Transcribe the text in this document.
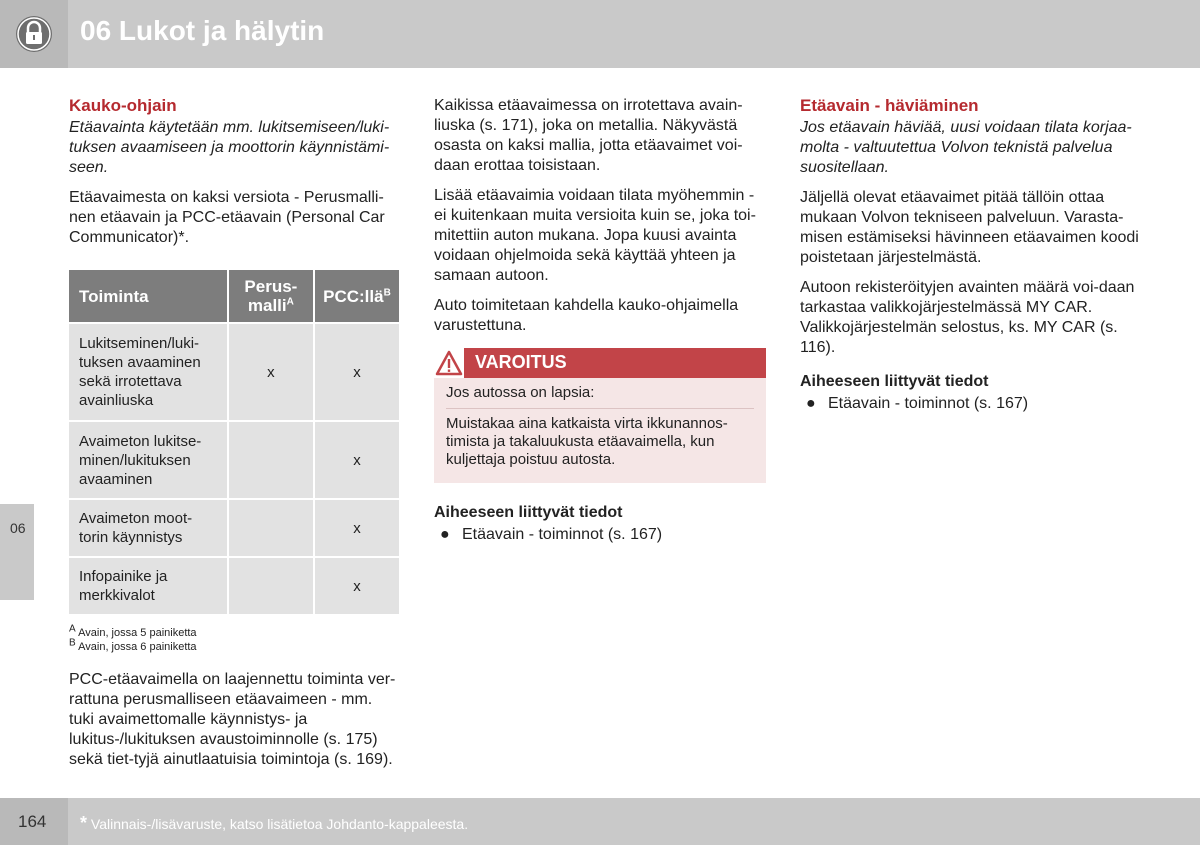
06 Lukot ja hälytin
06
Kauko-ohjain
Etäavainta käytetään mm. lukitsemiseen/luki-tuksen avaamiseen ja moottorin käynnistämi-seen.

Etäavaimesta on kaksi versiota - Perusmalli-nen etäavain ja PCC-etäavain (Personal Car Communicator)*.

Toiminta	Perus-malli$^A$	PCC:llä$^B$
Lukitseminen/luki-tuksen avaaminen sekä irrotettava avainliuska	x	x
Avaimeton lukitse-minen/lukituksen avaaminen		x
Avaimeton moot-torin käynnistys		x
Infopainike ja merkkivalot		x
$^A$ Avain, jossa 5 painiketta
$^B$ Avain, jossa 6 painiketta

PCC-etäavaimella on laajennettu toiminta ver-rattuna perusmalliseen etäavaimeen - mm. tuki avaimettomalle käynnistys- ja lukitus-/lukituksen avaustoiminnolle (s. 175) sekä tiet-tyjä ainutlaatuisia toimintoja (s. 169).

Kaikissa etäavaimessa on irrotettava avain-liuska (s. 171), joka on metallia. Näkyvästä osasta on kaksi mallia, jotta etäavaimet voi-daan erottaa toisistaan.

Lisää etäavaimia voidaan tilata myöhemmin - ei kuitenkaan muita versioita kuin se, joka toi-mitettiin auton mukana. Jopa kuusi avainta voidaan ohjelmoida sekä käyttää yhteen ja samaan autoon.

Auto toimitetaan kahdella kauko-ohjaimella varustettuna.

VAROITUS

Jos autossa on lapsia:

Muistakaa aina katkaista virta ikkunannos-timista ja takaluukusta etäavaimella, kun kuljettaja poistuu autosta.

Aiheeseen liittyvät tiedot
● Etäavain - toiminnot (s. 167)
Etäavain - häviäminen
Jos etäavain häviää, uusi voidaan tilata korjaa-molta - valtuutettua Volvon teknistä palvelua suositellaan.

Jäljellä olevat etäavaimet pitää tällöin ottaa mukaan Volvon tekniseen palveluun. Varasta-misen estämiseksi hävinneen etäavaimen koodi poistetaan järjestelmästä.

Autoon rekisteröityjen avainten määrä voi-daan tarkastaa valikkojärjestelmässä MY CAR. Valikkojärjestelmän selostus, ks. MY CAR (s. 116).

Aiheeseen liittyvät tiedot
● Etäavain - toiminnot (s. 167)
164 * Valinnais-/lisävaruste, katso lisätietoa Johdanto-kappaleesta.
